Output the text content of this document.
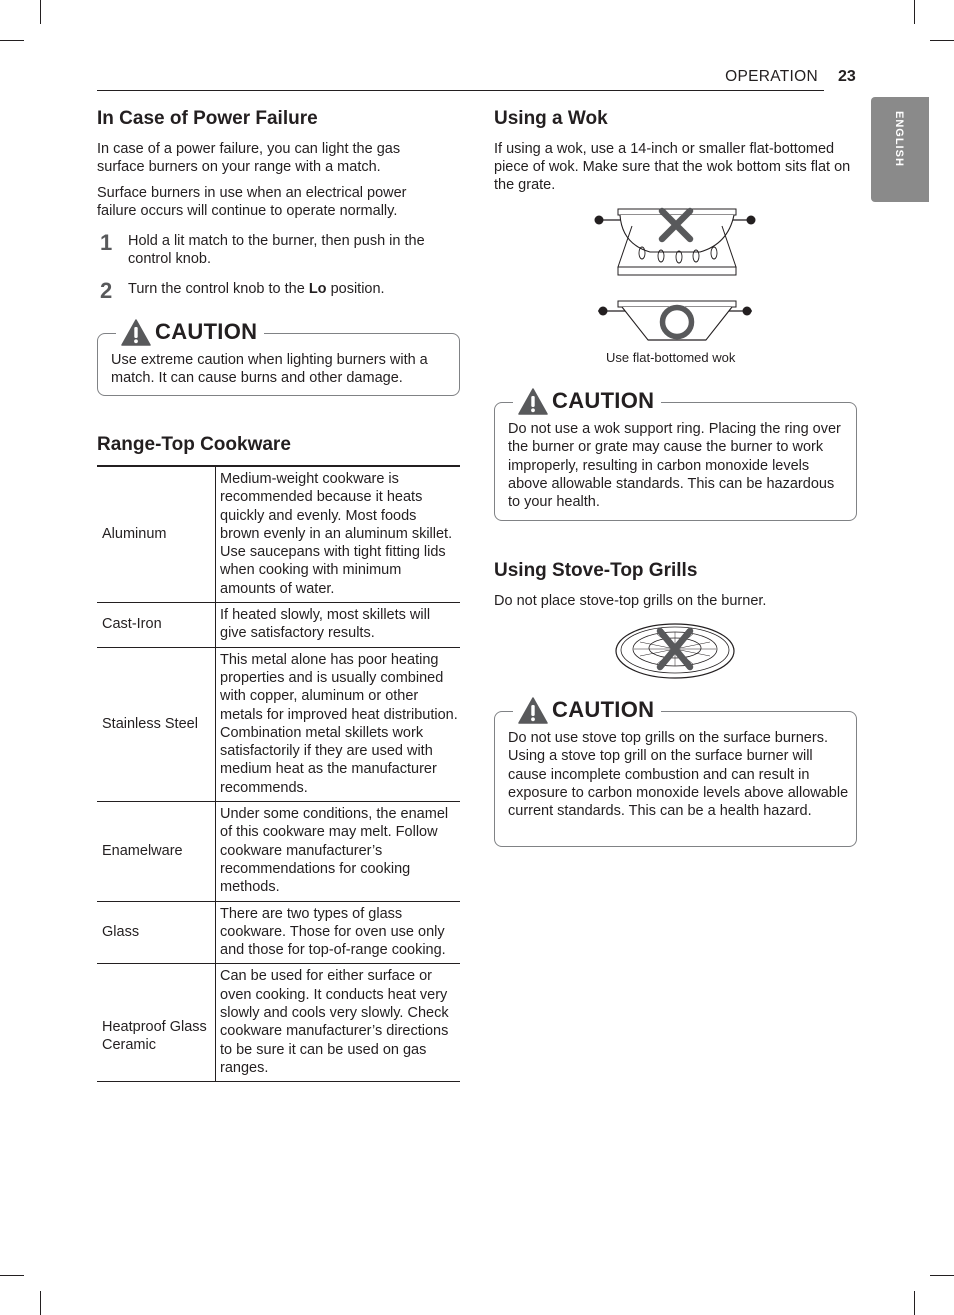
OPERATION 23
ENGLISH
In Case of Power Failure

In case of a power failure, you can light the gas surface burners on your range with a match.

Surface burners in use when an electrical power failure occurs will continue to operate normally.

1 Hold a lit match to the burner, then push in the control knob.

2 Turn the control knob to the Lo position.

CAUTION

Use extreme caution when lighting burners with a match. It can cause burns and other damage.

Range-Top Cookware
Aluminum	Medium-weight cookware is recommended because it heats quickly and evenly. Most foods brown evenly in an aluminum skillet. Use saucepans with tight fitting lids when cooking with minimum amounts of water.
Cast-Iron	If heated slowly, most skillets will give satisfactory results.
Stainless Steel	This metal alone has poor heating properties and is usually combined with copper, aluminum or other metals for improved heat distribution. Combination metal skillets work satisfactorily if they are used with medium heat as the manufacturer recommends.
Enamelware	Under some conditions, the enamel of this cookware may melt. Follow cookware manufacturer’s recommendations for cooking methods.
Glass	There are two types of glass cookware. Those for oven use only and those for top-of-range cooking.
Heatproof Glass Ceramic	Can be used for either surface or oven cooking. It conducts heat very slowly and cools very slowly. Check cookware manufacturer’s directions to be sure it can be used on gas ranges.
Using a Wok

If using a wok, use a 14-inch or smaller flat-bottomed piece of wok. Make sure that the wok bottom sits flat on the grate.

Use flat-bottomed wok
CAUTION

Do not use a wok support ring. Placing the ring over the burner or grate may cause the burner to work improperly, resulting in carbon monoxide levels above allowable standards. This can be hazardous to your health.

Using Stove-Top Grills

Do not place stove-top grills on the burner.

CAUTION

Do not use stove top grills on the surface burners. Using a stove top grill on the surface burner will cause incomplete combustion and can result in exposure to carbon monoxide levels above allowable current standards. This can be a health hazard.
